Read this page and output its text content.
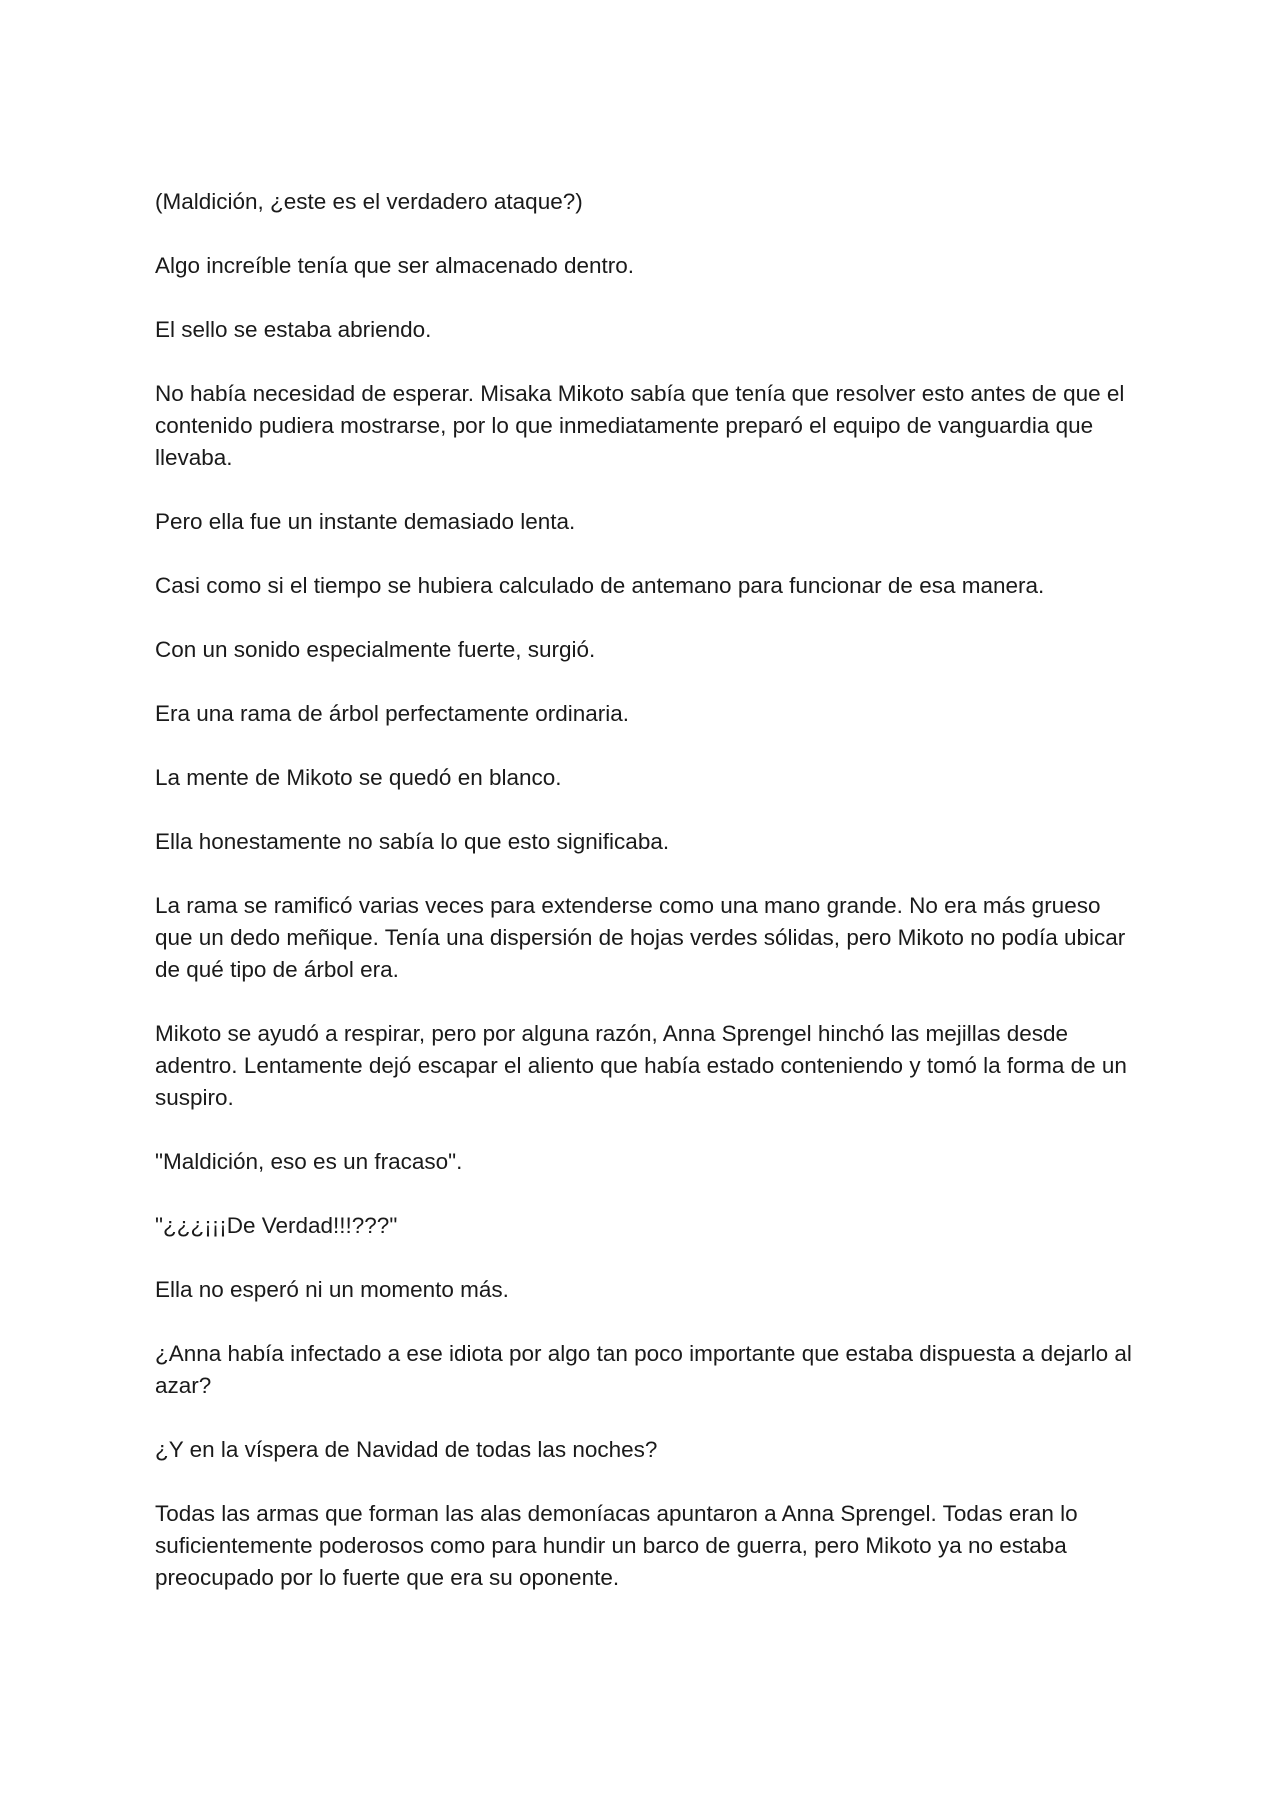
(Maldición, ¿este es el verdadero ataque?)

Algo increíble tenía que ser almacenado dentro.

El sello se estaba abriendo.

No había necesidad de esperar. Misaka Mikoto sabía que tenía que resolver esto antes de que el contenido pudiera mostrarse, por lo que inmediatamente preparó el equipo de vanguardia que llevaba.

Pero ella fue un instante demasiado lenta.

Casi como si el tiempo se hubiera calculado de antemano para funcionar de esa manera.

Con un sonido especialmente fuerte, surgió.

Era una rama de árbol perfectamente ordinaria.

La mente de Mikoto se quedó en blanco.

Ella honestamente no sabía lo que esto significaba.

La rama se ramificó varias veces para extenderse como una mano grande. No era más grueso que un dedo meñique. Tenía una dispersión de hojas verdes sólidas, pero Mikoto no podía ubicar de qué tipo de árbol era.

Mikoto se ayudó a respirar, pero por alguna razón, Anna Sprengel hinchó las mejillas desde adentro. Lentamente dejó escapar el aliento que había estado conteniendo y tomó la forma de un suspiro.

"Maldición, eso es un fracaso".

"¿¿¿¡¡¡De Verdad!!!???"

Ella no esperó ni un momento más.

¿Anna había infectado a ese idiota por algo tan poco importante que estaba dispuesta a dejarlo al azar?

¿Y en la víspera de Navidad de todas las noches?

Todas las armas que forman las alas demoníacas apuntaron a Anna Sprengel. Todas eran lo suficientemente poderosos como para hundir un barco de guerra, pero Mikoto ya no estaba preocupado por lo fuerte que era su oponente.
